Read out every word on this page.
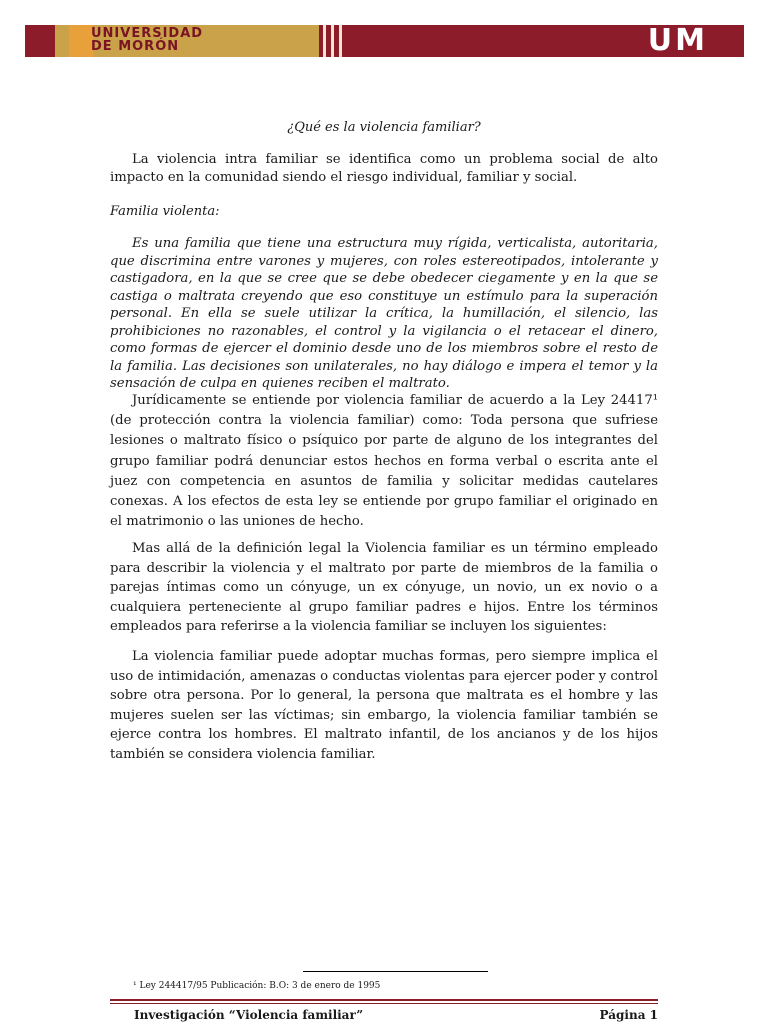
UNIVERSIDAD
DE MORÓN	UM
¿Qué es la violencia familiar?

La violencia intra familiar se identifica como un problema social de alto impacto en la comunidad siendo el riesgo individual, familiar y social.

Familia violenta:

Es una familia que tiene una estructura muy rígida, verticalista, autoritaria, que discrimina entre varones y mujeres, con roles estereotipados, intolerante y castigadora, en la que se cree que se debe obedecer ciegamente y en la que se castiga o maltrata creyendo que eso constituye un estímulo para la superación personal. En ella se suele utilizar la crítica, la humillación, el silencio, las prohibiciones no razonables, el control y la vigilancia o el retacear el dinero, como formas de ejercer el dominio desde uno de los miembros sobre el resto de la familia. Las decisiones son unilaterales, no hay diálogo e impera el temor y la sensación de culpa en quienes reciben el maltrato.

Jurídicamente se entiende por violencia familiar de acuerdo a la Ley 24417¹ (de protección contra la violencia familiar) como: Toda persona que sufriese lesiones o maltrato físico o psíquico por parte de alguno de los integrantes del grupo familiar podrá denunciar estos hechos en forma verbal o escrita ante el juez con competencia en asuntos de familia y solicitar medidas cautelares conexas. A los efectos de esta ley se entiende por grupo familiar el originado en el matrimonio o las uniones de hecho.

Mas allá de la definición legal la Violencia familiar es un término empleado para describir la violencia y el maltrato por parte de miembros de la familia o parejas íntimas como un cónyuge, un ex cónyuge, un novio, un ex novio o a cualquiera perteneciente al grupo familiar padres e hijos. Entre los términos empleados para referirse a la violencia familiar se incluyen los siguientes:

La violencia familiar puede adoptar muchas formas, pero siempre implica el uso de intimidación, amenazas o conductas violentas para ejercer poder y control sobre otra persona. Por lo general, la persona que maltrata es el hombre y las mujeres suelen ser las víctimas; sin embargo, la violencia familiar también se ejerce contra los hombres. El maltrato infantil, de los ancianos y de los hijos también se considera violencia familiar.

¹ Ley 244417/95 Publicación: B.O: 3 de enero de 1995
Investigación “Violencia familiar”	Página 1
